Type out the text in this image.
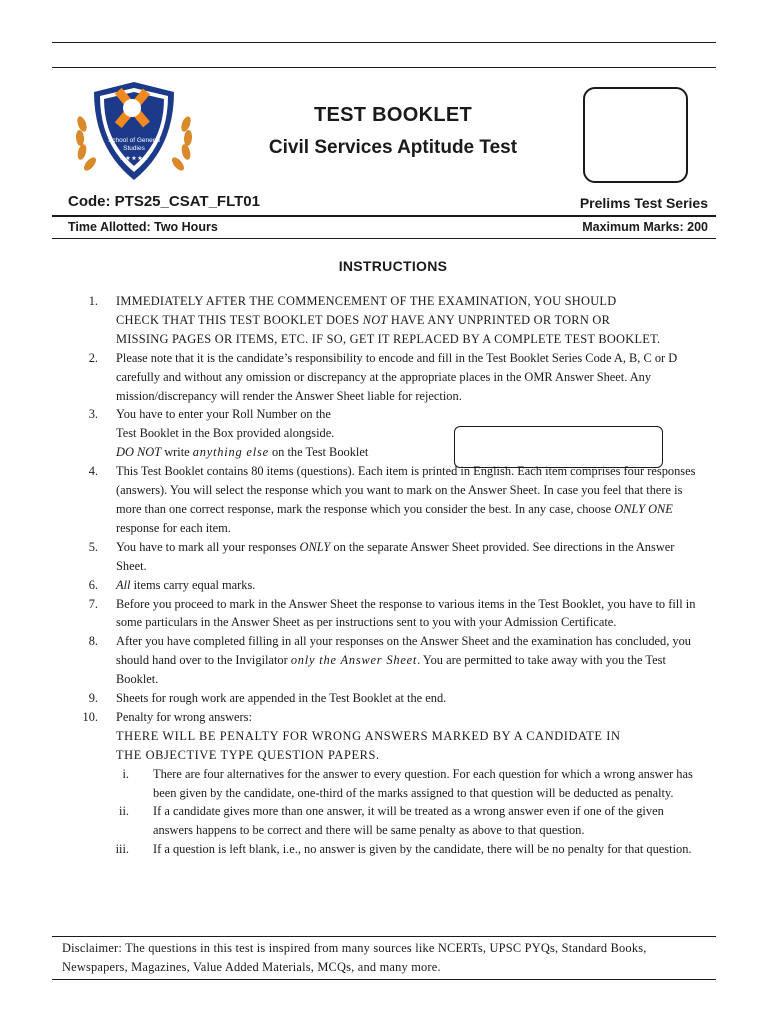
School of General
Studies
★ ★ ★ ★ ★
TEST BOOKLET
Civil Services Aptitude Test
Code: PTS25_CSAT_FLT01	Prelims Test Series
Time Allotted: Two Hours	Maximum Marks: 200
INSTRUCTIONS
1. IMMEDIATELY AFTER THE COMMENCEMENT OF THE EXAMINATION, YOU SHOULD
CHECK THAT THIS TEST BOOKLET DOES NOT HAVE ANY UNPRINTED OR TORN OR
MISSING PAGES OR ITEMS, ETC. IF SO, GET IT REPLACED BY A COMPLETE TEST BOOKLET.
2. Please note that it is the candidate’s responsibility to encode and fill in the Test Booklet Series Code A, B, C or D carefully and without any omission or discrepancy at the appropriate places in the OMR Answer Sheet. Any mission/discrepancy will render the Answer Sheet liable for rejection.
3. You have to enter your Roll Number on the
Test Booklet in the Box provided alongside.
DO NOT write anything else on the Test Booklet
4. This Test Booklet contains 80 items (questions). Each item is printed in English. Each item comprises four responses (answers). You will select the response which you want to mark on the Answer Sheet. In case you feel that there is more than one correct response, mark the response which you consider the best. In any case, choose ONLY ONE response for each item.
5. You have to mark all your responses ONLY on the separate Answer Sheet provided. See directions in the Answer Sheet.
6. All items carry equal marks.
7. Before you proceed to mark in the Answer Sheet the response to various items in the Test Booklet, you have to fill in some particulars in the Answer Sheet as per instructions sent to you with your Admission Certificate.
8. After you have completed filling in all your responses on the Answer Sheet and the examination has concluded, you should hand over to the Invigilator only the Answer Sheet. You are permitted to take away with you the Test Booklet.
9. Sheets for rough work are appended in the Test Booklet at the end.
10. Penalty for wrong answers:
THERE WILL BE PENALTY FOR WRONG ANSWERS MARKED BY A CANDIDATE IN
THE OBJECTIVE TYPE QUESTION PAPERS.
i. There are four alternatives for the answer to every question. For each question for which a wrong answer has been given by the candidate, one-third of the marks assigned to that question will be deducted as penalty.
ii. If a candidate gives more than one answer, it will be treated as a wrong answer even if one of the given answers happens to be correct and there will be same penalty as above to that question.
iii. If a question is left blank, i.e., no answer is given by the candidate, there will be no penalty for that question.
Disclaimer: The questions in this test is inspired from many sources like NCERTs, UPSC PYQs, Standard Books, Newspapers, Magazines, Value Added Materials, MCQs, and many more.
